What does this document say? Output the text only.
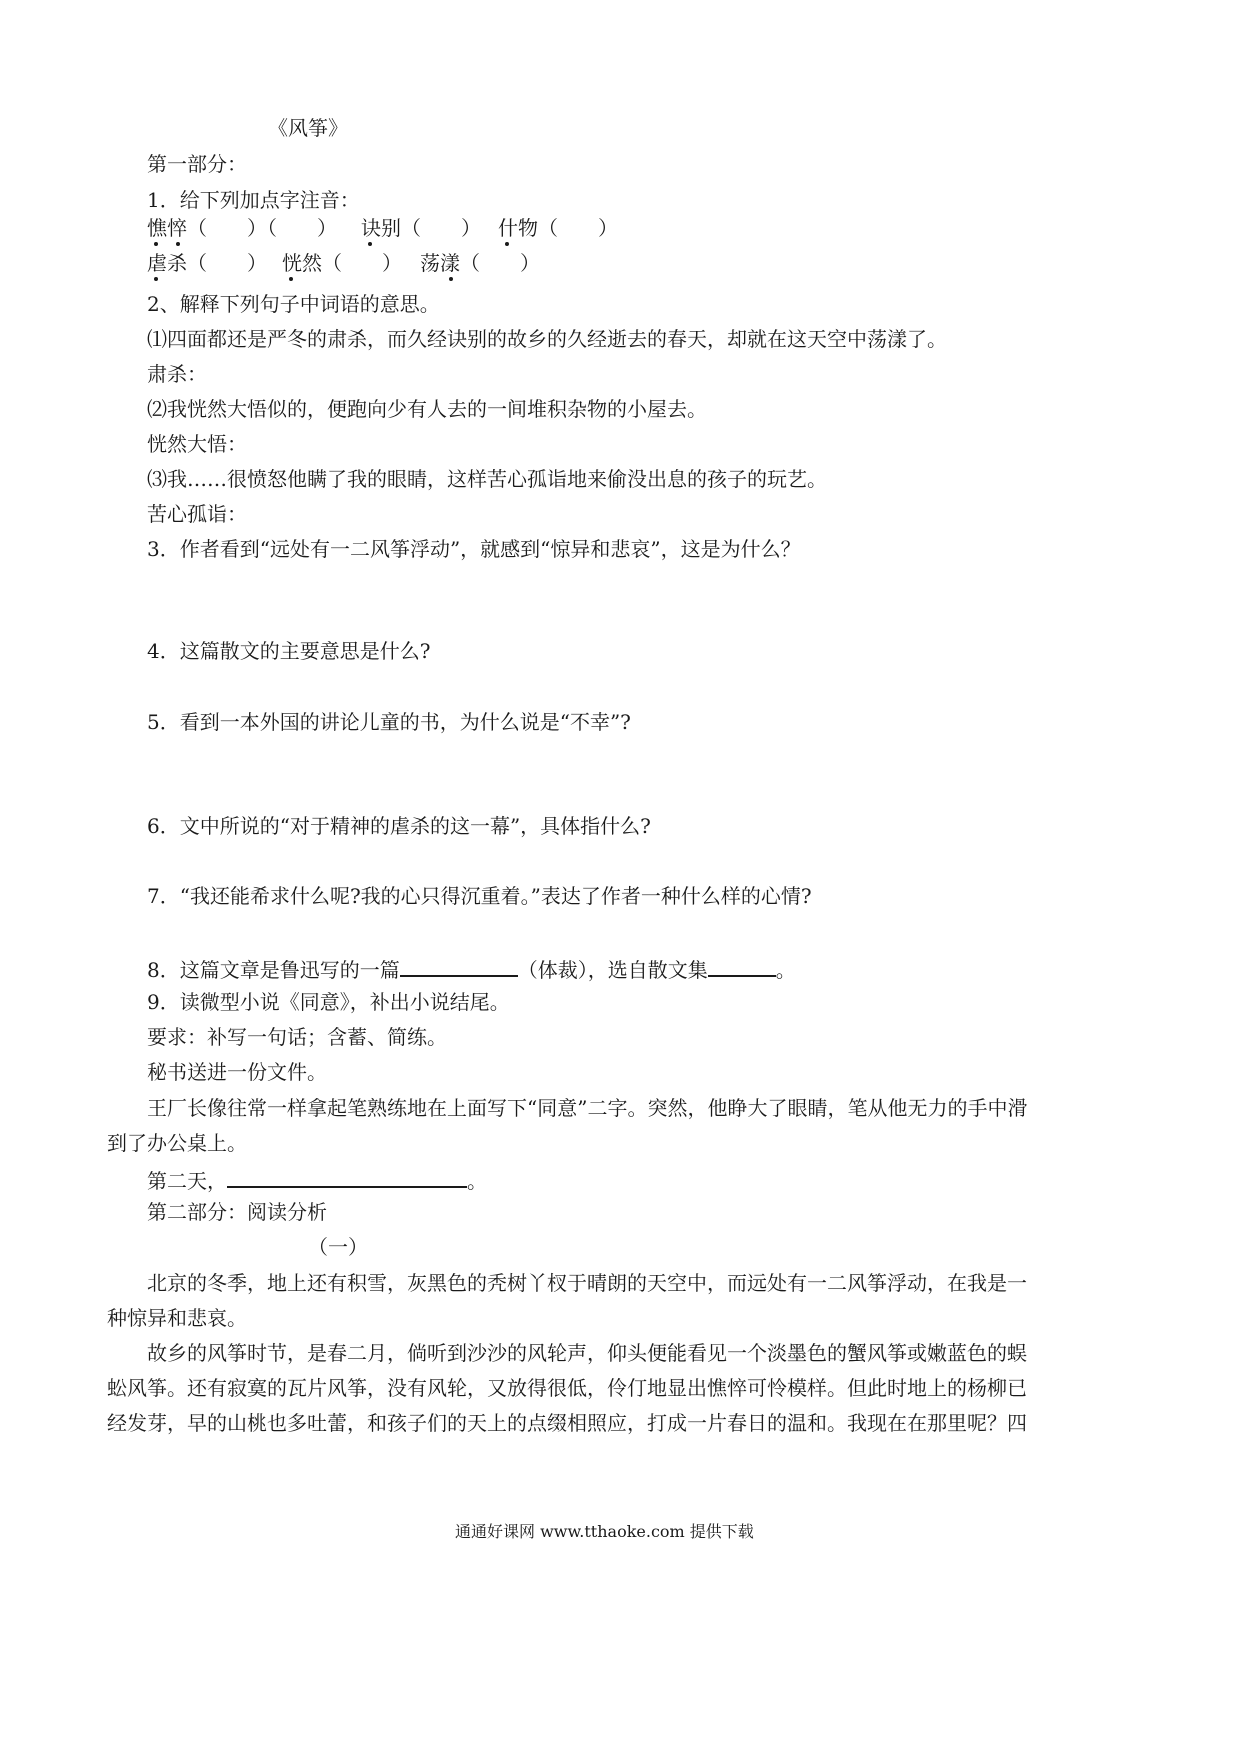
《风筝》
第一部分：
1．给下列加点字注音：
憔悴（　　）（　　） 诀别（　　） 什物（　　）
虐杀（　　） 恍然（　　） 荡漾（　　）
2、解释下列句子中词语的意思。
⑴四面都还是严冬的肃杀，而久经诀别的故乡的久经逝去的春天，却就在这天空中荡漾了。
肃杀：
⑵我恍然大悟似的，便跑向少有人去的一间堆积杂物的小屋去。
恍然大悟：
⑶我……很愤怒他瞒了我的眼睛，这样苦心孤诣地来偷没出息的孩子的玩艺。
苦心孤诣：
3．作者看到“远处有一二风筝浮动”，就感到“惊异和悲哀”，这是为什么？
4．这篇散文的主要意思是什么?
5．看到一本外国的讲论儿童的书，为什么说是“不幸”?
6．文中所说的“对于精神的虐杀的这一幕”，具体指什么?
7．“我还能希求什么呢?我的心只得沉重着。”表达了作者一种什么样的心情?
8．这篇文章是鲁迅写的一篇	（体裁），选自散文集	。
9．读微型小说《同意》，补出小说结尾。
要求：补写一句话；含蓄、简练。
秘书送进一份文件。
王厂长像往常一样拿起笔熟练地在上面写下“同意”二字。突然，他睁大了眼睛，笔从他无力的手中滑
到了办公桌上。
第二天，	。
第二部分：阅读分析
（一）
北京的冬季，地上还有积雪，灰黑色的秃树丫杈于晴朗的天空中，而远处有一二风筝浮动，在我是一
种惊异和悲哀。
故乡的风筝时节，是春二月，倘听到沙沙的风轮声，仰头便能看见一个淡墨色的蟹风筝或嫩蓝色的蜈
蚣风筝。还有寂寞的瓦片风筝，没有风轮，又放得很低，伶仃地显出憔悴可怜模样。但此时地上的杨柳已
经发芽，早的山桃也多吐蕾，和孩子们的天上的点缀相照应，打成一片春日的温和。我现在在那里呢？四
通通好课网 www.tthaoke.com 提供下载
